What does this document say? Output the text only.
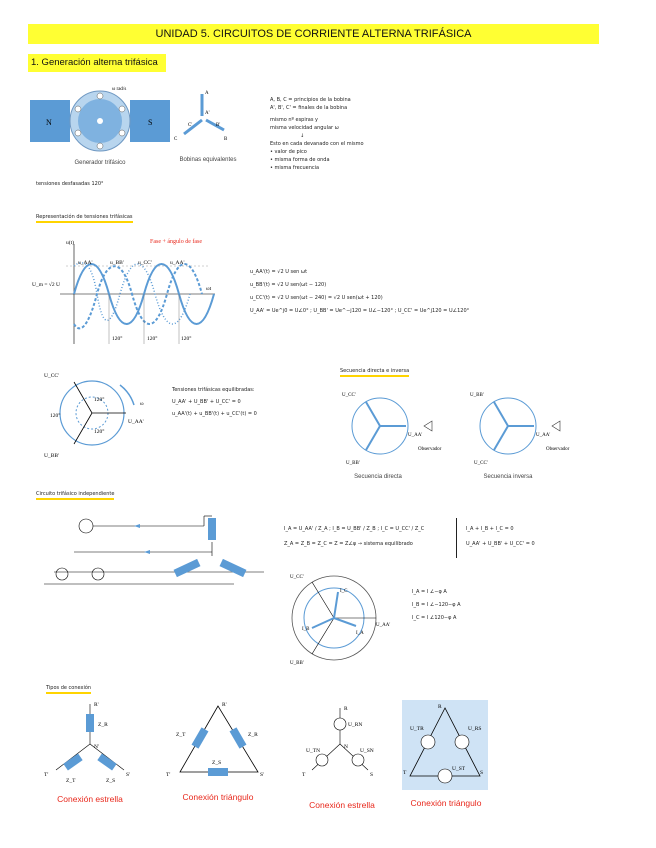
UNIDAD 5. CIRCUITOS DE CORRIENTE ALTERNA TRIFÁSICA
1. Generación alterna trifásica
N	S
ω rad/s
Generador trifásico
A
C	B
A'
C'	B'
Bobinas equivalentes
A, B, C = principios de la bobina
A', B', C' = finales de la bobina
mismo nº espiras y
misma velocidad angular ω
↓
Esto en cada devanado con el mismo
• valor de pico
• misma forma de onda
• misma frecuencia
tensiones desfasadas 120°
Representación de tensiones trifásicas
120°	120°	120°
U_m = √2 U
u(t)
ωt
u_AA'	u_BB'	u_CC'	u_AA'
Fase + ángulo de fase
u_AA'(t) = √2 U sen ωt
u_BB'(t) = √2 U sen(ωt − 120)
u_CC'(t) = √2 U sen(ωt − 240) = √2 U sen(ωt + 120)
U_AA' = Ue^j0 = U∠0° ; U_BB' = Ue^−j120 = U∠−120° ; U_CC' = Ue^j120 = U∠120°
U_CC'
U_AA'
U_BB'
120°
120°
120°
ω
Tensiones trifásicas equilibradas:
U_AA' + U_BB' + U_CC' = 0
u_AA'(t) + u_BB'(t) + u_CC'(t) = 0
Secuencia directa e inversa
U_CC'
U_AA'
U_BB'
Observador
Secuencia directa
U_BB'
U_AA'
U_CC'
Observador
Secuencia inversa
Circuito trifásico independiente
I_A = U_AA' / Z_A ; I_B = U_BB' / Z_B ; I_C = U_CC' / Z_C
Z_A = Z_B = Z_C = Z = Z∠φ → sistema equilibrado
I_A + I_B + I_C = 0
U_AA' + U_BB' + U_CC' = 0
U_CC'
U_AA'
U_BB'
I_C
I_A
I_B
I_A = I ∠−φ A
I_B = I ∠−120−φ A
I_C = I ∠120−φ A
Tipos de conexión
R'
N'
T'	S'
Z_R
Z_T	Z_S
Conexión estrella
R'
T'	S'
Z_T	Z_R
Z_S
Conexión triángulo
R
N
T	S
U_RN
U_TN	U_SN
Conexión estrella
R
T	S
U_TR	U_RS
U_ST
Conexión triángulo
